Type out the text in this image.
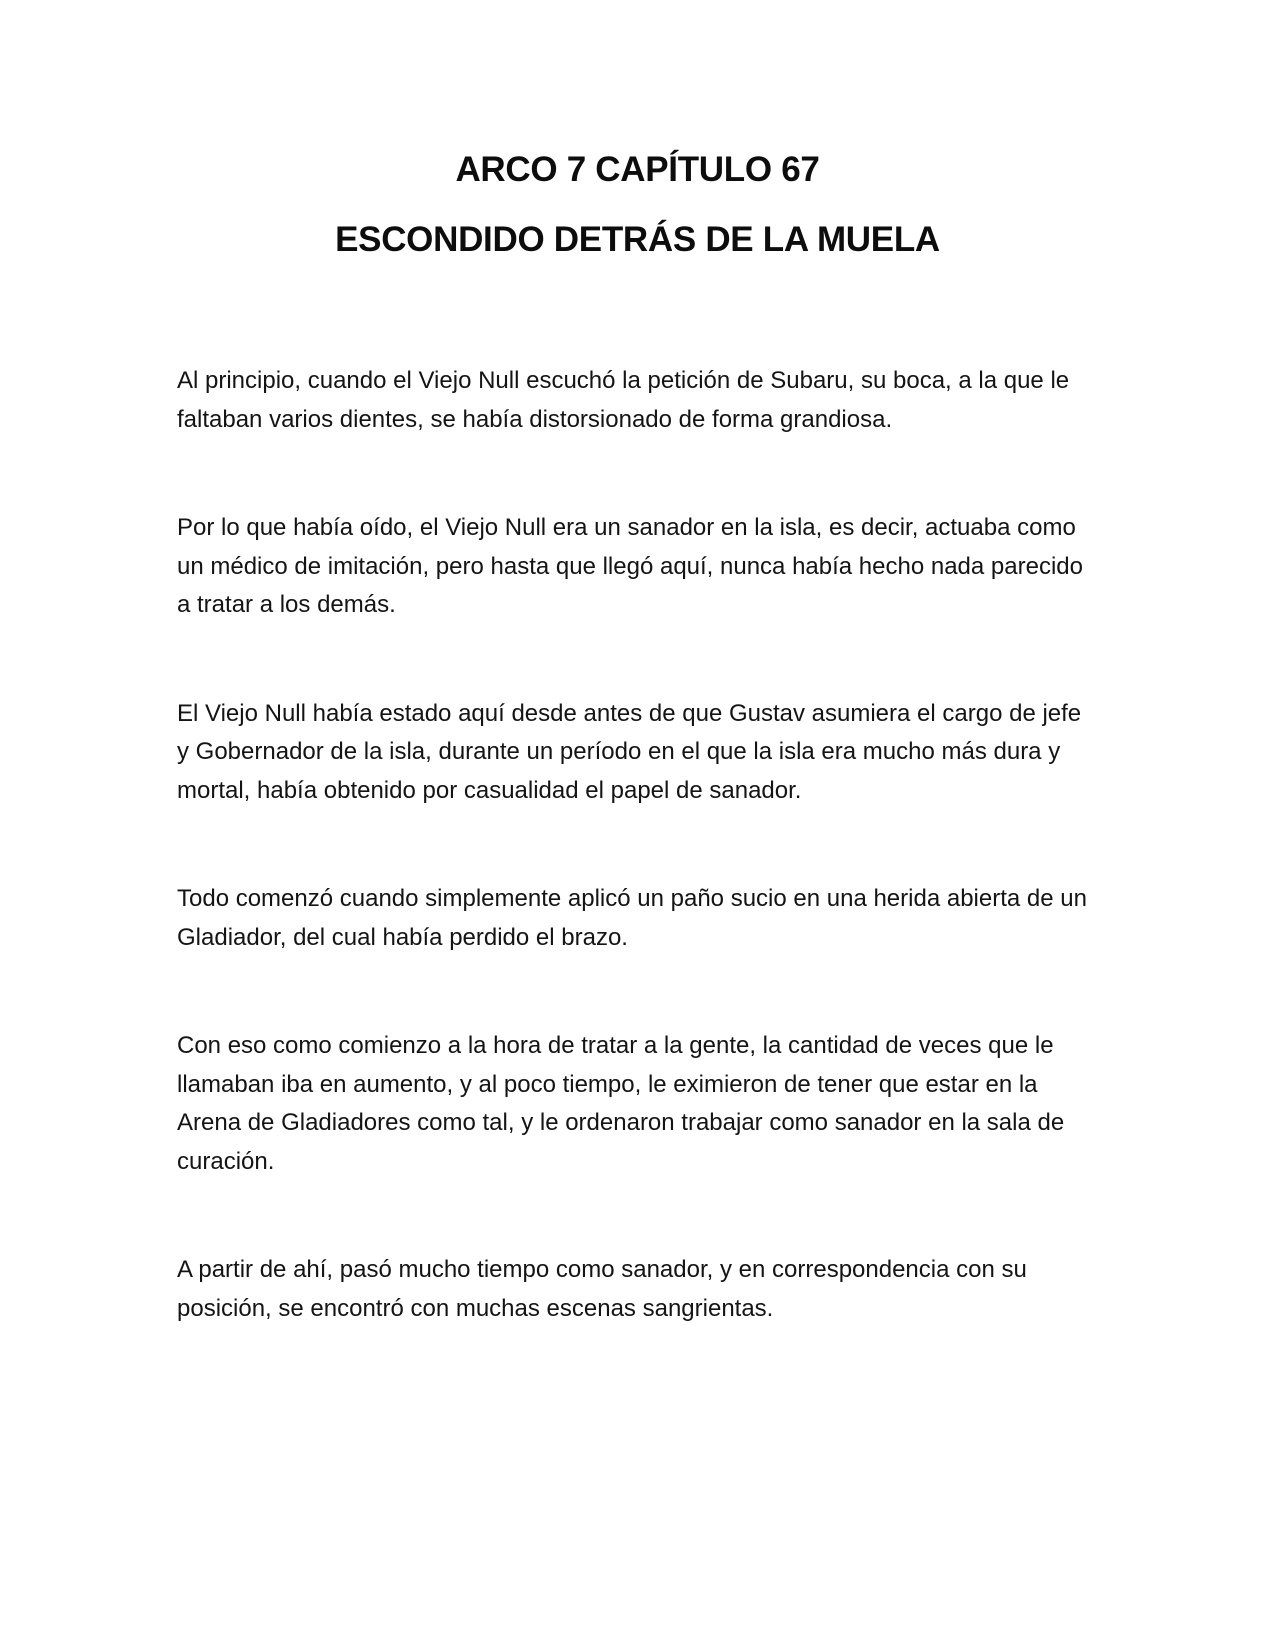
ARCO 7 CAPÍTULO 67
ESCONDIDO DETRÁS DE LA MUELA

Al principio, cuando el Viejo Null escuchó la petición de Subaru, su boca, a la que le faltaban varios dientes, se había distorsionado de forma grandiosa.

Por lo que había oído, el Viejo Null era un sanador en la isla, es decir, actuaba como un médico de imitación, pero hasta que llegó aquí, nunca había hecho nada parecido a tratar a los demás.

El Viejo Null había estado aquí desde antes de que Gustav asumiera el cargo de jefe y Gobernador de la isla, durante un período en el que la isla era mucho más dura y mortal, había obtenido por casualidad el papel de sanador.

Todo comenzó cuando simplemente aplicó un paño sucio en una herida abierta de un Gladiador, del cual había perdido el brazo.

Con eso como comienzo a la hora de tratar a la gente, la cantidad de veces que le llamaban iba en aumento, y al poco tiempo, le eximieron de tener que estar en la Arena de Gladiadores como tal, y le ordenaron trabajar como sanador en la sala de curación.

A partir de ahí, pasó mucho tiempo como sanador, y en correspondencia con su posición, se encontró con muchas escenas sangrientas.
